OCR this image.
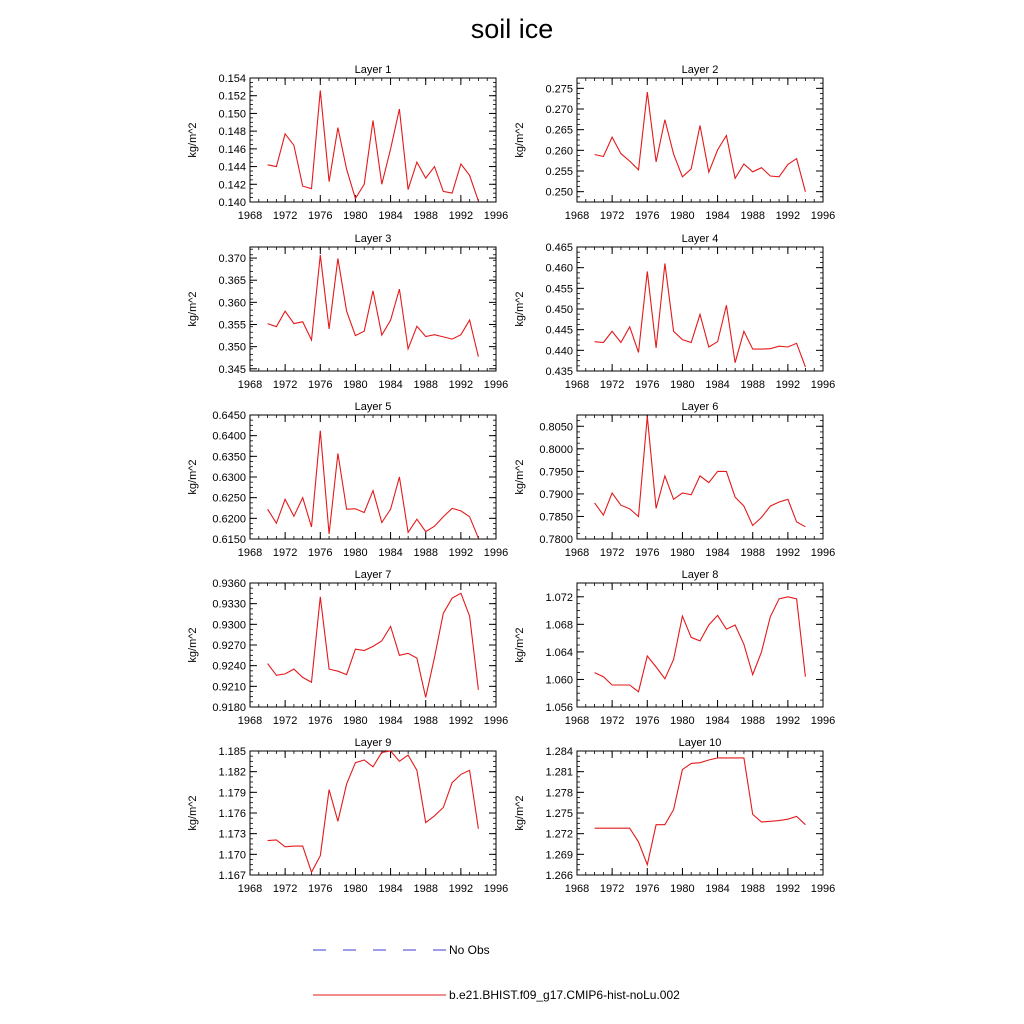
soil ice
Layer 1
1968 1972 1976 1980 1984 1988 1992 1996
0.140
0.142
0.144
0.146
0.148
0.150
0.152
0.154
kg/m^2
Layer 2
1968 1972 1976 1980 1984 1988 1992 1996
0.250
0.255
0.260
0.265
0.270
0.275
kg/m^2
Layer 3
1968 1972 1976 1980 1984 1988 1992 1996
0.345
0.350
0.355
0.360
0.365
0.370
kg/m^2
Layer 4
1968 1972 1976 1980 1984 1988 1992 1996
0.435
0.440
0.445
0.450
0.455
0.460
0.465
kg/m^2
Layer 5
1968 1972 1976 1980 1984 1988 1992 1996
0.6150
0.6200
0.6250
0.6300
0.6350
0.6400
0.6450
kg/m^2
Layer 6
1968 1972 1976 1980 1984 1988 1992 1996
0.7800
0.7850
0.7900
0.7950
0.8000
0.8050
kg/m^2
Layer 7
1968 1972 1976 1980 1984 1988 1992 1996
0.9180
0.9210
0.9240
0.9270
0.9300
0.9330
0.9360
kg/m^2
Layer 8
1968 1972 1976 1980 1984 1988 1992 1996
1.056
1.060
1.064
1.068
1.072
kg/m^2
Layer 9
1968 1972 1976 1980 1984 1988 1992 1996
1.167
1.170
1.173
1.176
1.179
1.182
1.185
kg/m^2
Layer 10
1968 1972 1976 1980 1984 1988 1992 1996
1.266
1.269
1.272
1.275
1.278
1.281
1.284
kg/m^2
No Obs
b.e21.BHIST.f09_g17.CMIP6-hist-noLu.002
